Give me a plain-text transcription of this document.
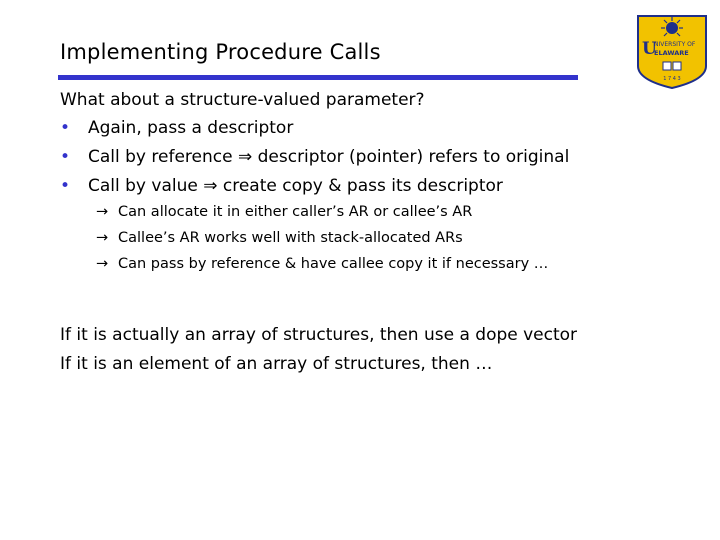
Implementing Procedure Calls	U
NIVERSITY OF
ELAWARE
1 7 4 3
What about a structure-valued parameter?
• Again, pass a descriptor
• Call by reference ⇒ descriptor (pointer) refers to original
• Call by value ⇒ create copy & pass its descriptor
→ Can allocate it in either caller’s AR or callee’s AR
→ Callee’s AR works well with stack-allocated ARs
→ Can pass by reference & have callee copy it if necessary …
If it is actually an array of structures, then use a dope vector
If it is an element of an array of structures, then …
